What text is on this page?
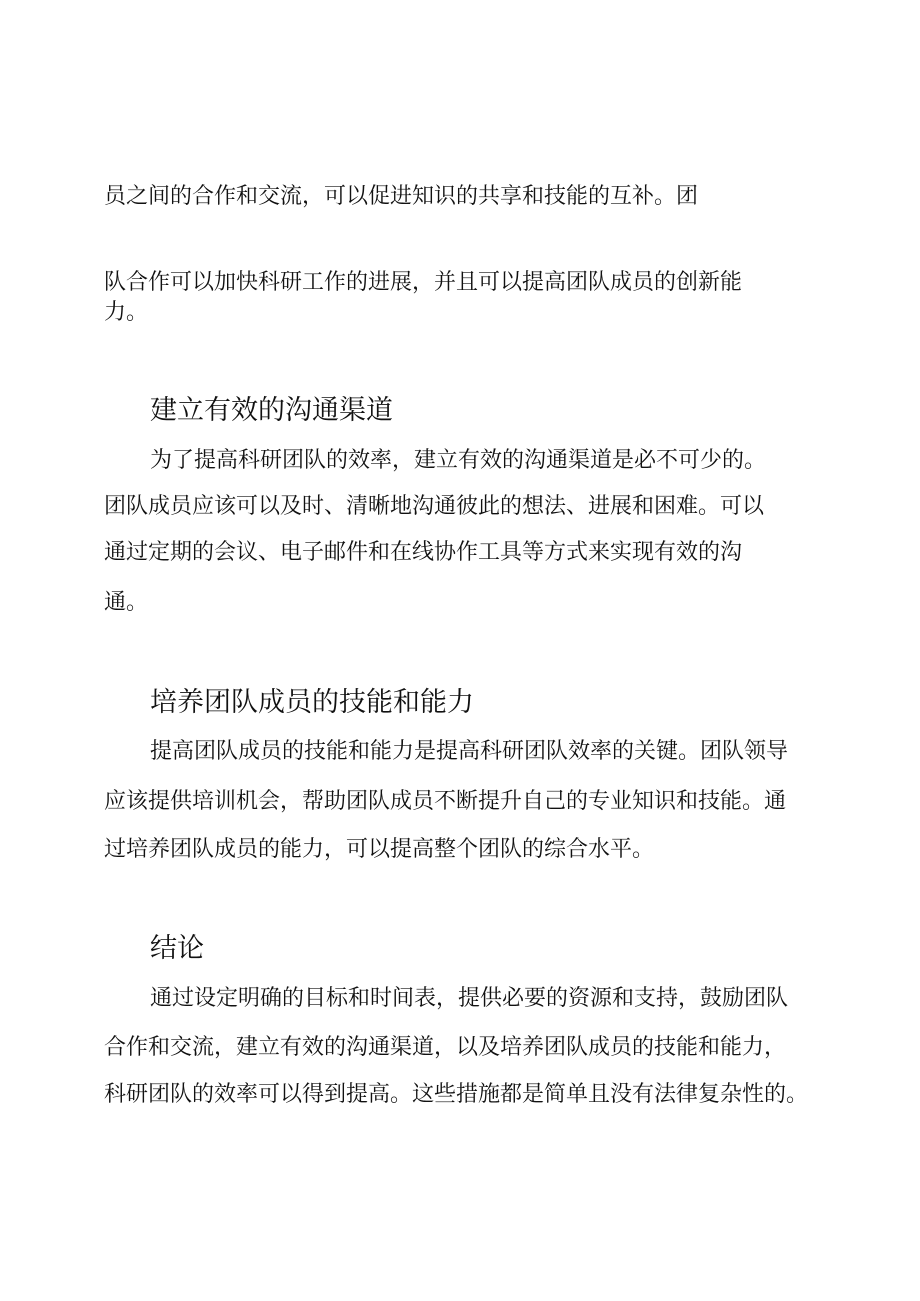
员之间的合作和交流，可以促进知识的共享和技能的互补。团
队合作可以加快科研工作的进展，并且可以提高团队成员的创新能
力。
建立有效的沟通渠道
为了提高科研团队的效率，建立有效的沟通渠道是必不可少的。
团队成员应该可以及时、清晰地沟通彼此的想法、进展和困难。可以
通过定期的会议、电子邮件和在线协作工具等方式来实现有效的沟
通。
培养团队成员的技能和能力
提高团队成员的技能和能力是提高科研团队效率的关键。团队领导
应该提供培训机会，帮助团队成员不断提升自己的专业知识和技能。通
过培养团队成员的能力，可以提高整个团队的综合水平。
结论
通过设定明确的目标和时间表，提供必要的资源和支持，鼓励团队
合作和交流，建立有效的沟通渠道，以及培养团队成员的技能和能力，
科研团队的效率可以得到提高。这些措施都是简单且没有法律复杂性的。
